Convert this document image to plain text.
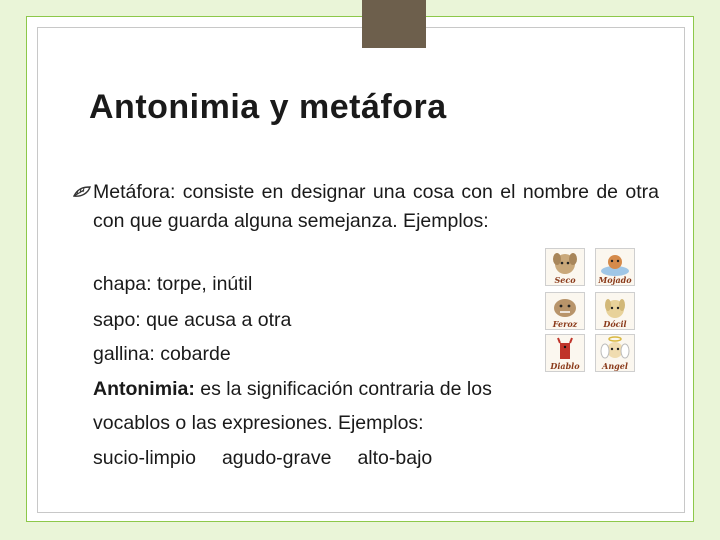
Antonimia y metáfora
Metáfora: consiste en designar una cosa con el nombre de otra con que guarda alguna semejanza. Ejemplos:
chapa: torpe, inútil
sapo: que acusa a otra
gallina: cobarde
Antonimia: es la significación contraria de los
vocablos o las expresiones. Ejemplos:
sucio-limpio agudo-grave alto-bajo
Seco	Mojado
Feroz	Dócil
Diablo	Angel
